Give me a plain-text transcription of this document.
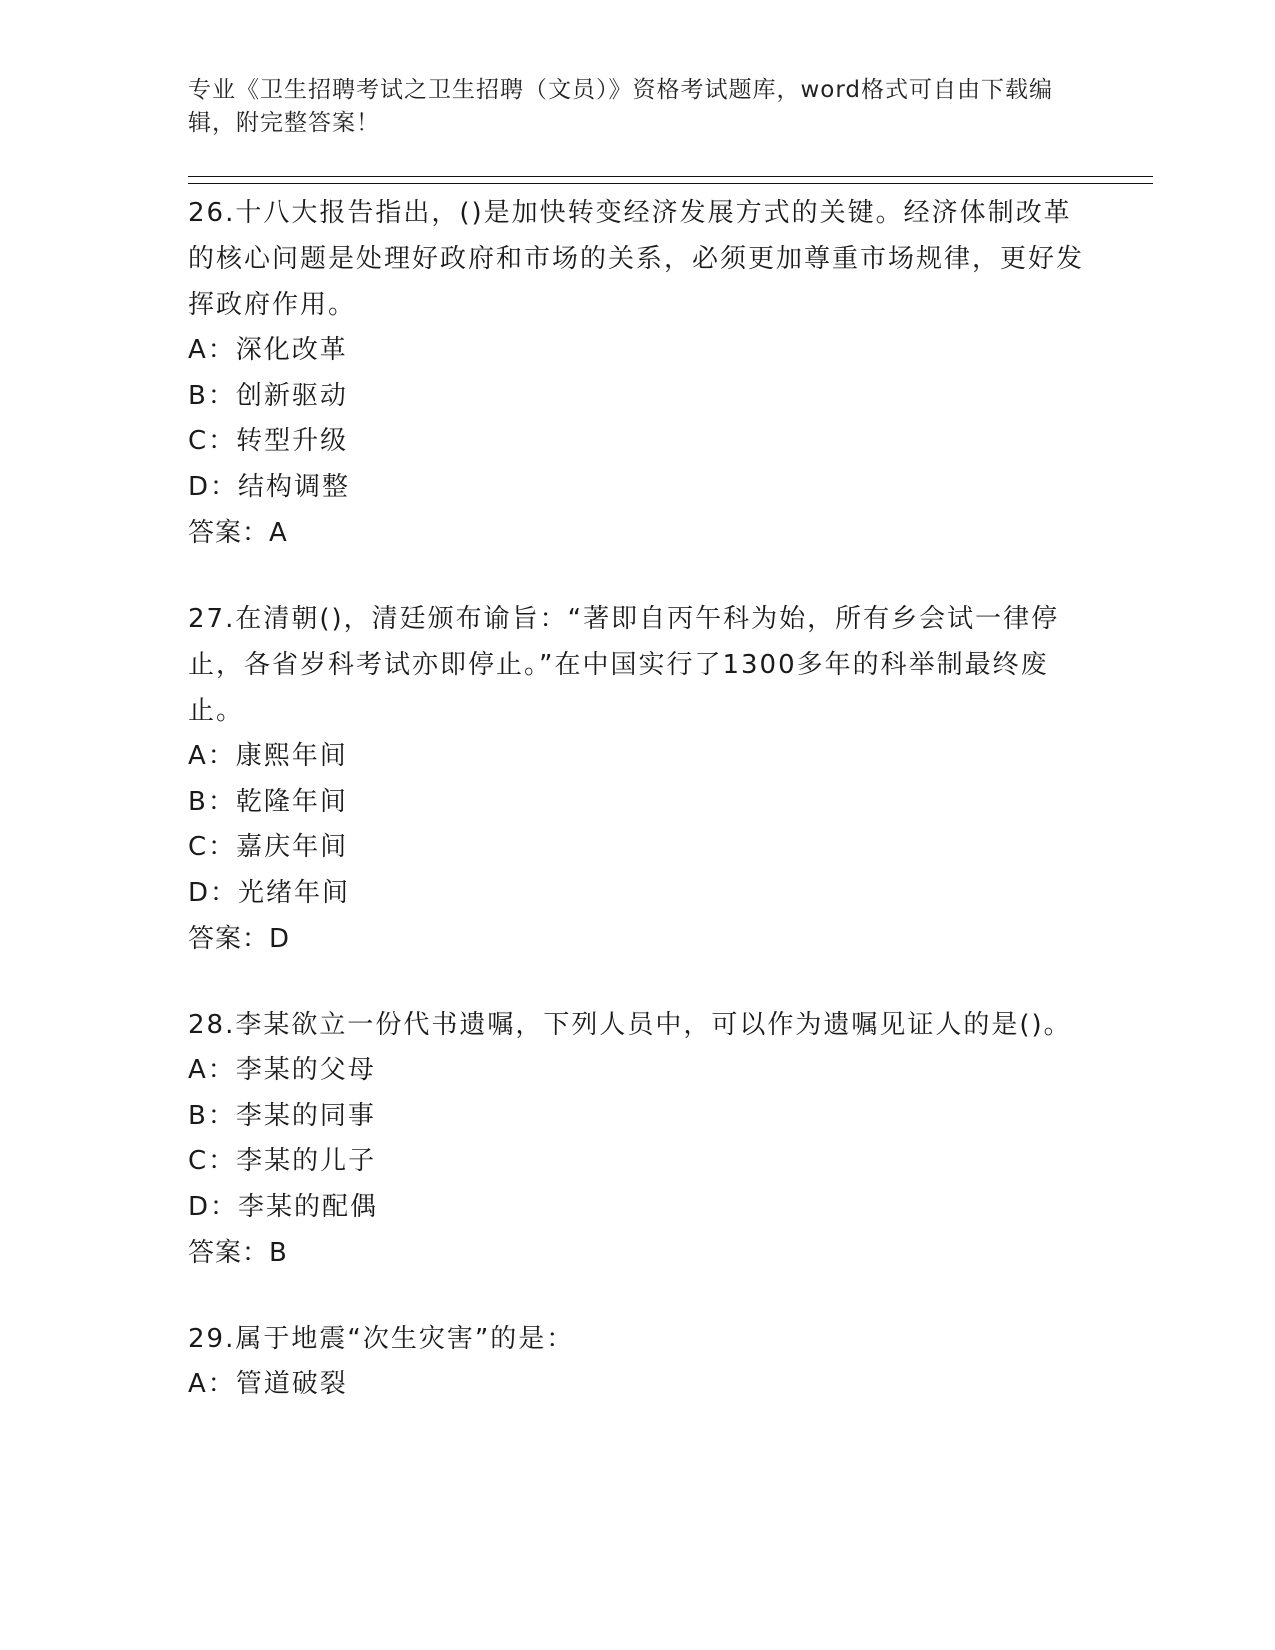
专业《卫生招聘考试之卫生招聘（文员）》资格考试题库，word格式可自由下载编辑，附完整答案！

26.十八大报告指出，()是加快转变经济发展方式的关键。经济体制改革的核心问题是处理好政府和市场的关系，必须更加尊重市场规律，更好发挥政府作用。

A：深化改革

B：创新驱动

C：转型升级

D：结构调整

答案：A

27.在清朝()，清廷颁布谕旨：“著即自丙午科为始，所有乡会试一律停止，各省岁科考试亦即停止。”在中国实行了1300多年的科举制最终废止。

A：康熙年间

B：乾隆年间

C：嘉庆年间

D：光绪年间

答案：D

28.李某欲立一份代书遗嘱，下列人员中，可以作为遗嘱见证人的是()。

A：李某的父母

B：李某的同事

C：李某的儿子

D：李某的配偶

答案：B

29.属于地震“次生灾害”的是：

A：管道破裂
